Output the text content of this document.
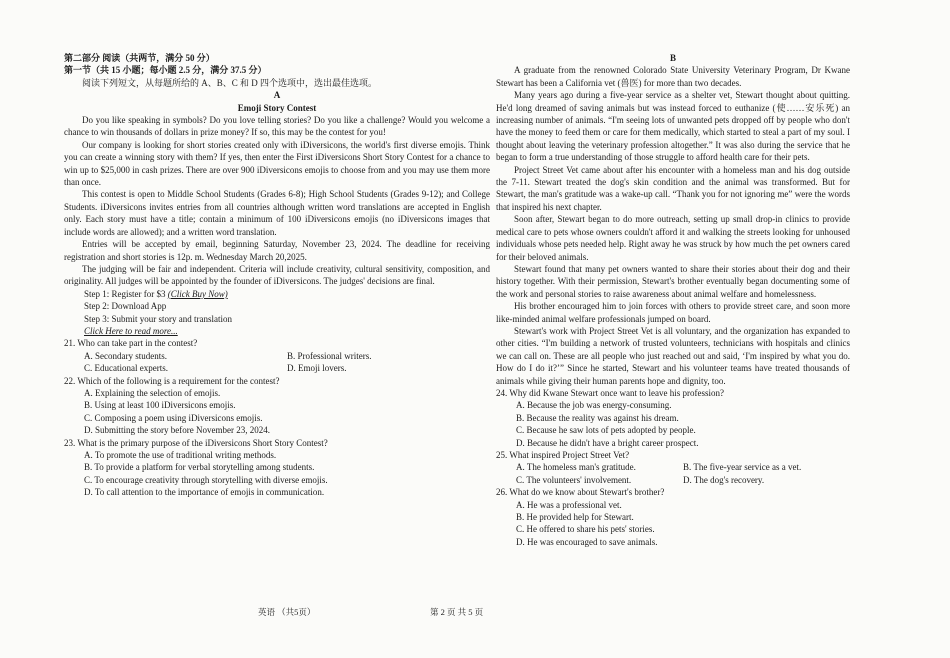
第二部分 阅读（共两节，满分 50 分）

第一节（共 15 小题；每小题 2.5 分，满分 37.5 分）

阅读下列短文，从每题所给的 A、B、C 和 D 四个选项中，选出最佳选项。

A

Emoji Story Contest

Do you like speaking in symbols? Do you love telling stories? Do you like a challenge? Would you welcome a chance to win thousands of dollars in prize money? If so, this may be the contest for you!

Our company is looking for short stories created only with iDiversicons, the world's first diverse emojis. Think you can create a winning story with them? If yes, then enter the First iDiversicons Short Story Contest for a chance to win up to $25,000 in cash prizes. There are over 900 iDiversicons emojis to choose from and you may use them more than once.

This contest is open to Middle School Students (Grades 6-8); High School Students (Grades 9-12); and College Students. iDiversicons invites entries from all countries although written word translations are accepted in English only. Each story must have a title; contain a minimum of 100 iDiversicons emojis (no iDiversicons images that include words are allowed); and a written word translation.

Entries will be accepted by email, beginning Saturday, November 23, 2024. The deadline for receiving registration and short stories is 12p. m. Wednesday March 20,2025.

The judging will be fair and independent. Criteria will include creativity, cultural sensitivity, composition, and originality. All judges will be appointed by the founder of iDiversicons. The judges' decisions are final.

Step 1: Register for $3 (Click Buy Now)

Step 2: Download App

Step 3: Submit your story and translation

Click Here to read more...

21. Who can take part in the contest?

A. Secondary students.	B. Professional writers.
C. Educational experts.	D. Emoji lovers.

22. Which of the following is a requirement for the contest?

A. Explaining the selection of emojis.
B. Using at least 100 iDiversicons emojis.
C. Composing a poem using iDiversicons emojis.
D. Submitting the story before November 23, 2024.

23. What is the primary purpose of the iDiversicons Short Story Contest?

A. To promote the use of traditional writing methods.
B. To provide a platform for verbal storytelling among students.
C. To encourage creativity through storytelling with diverse emojis.
D. To call attention to the importance of emojis in communication.

B

A graduate from the renowned Colorado State University Veterinary Program, Dr Kwane Stewart has been a California vet (兽医) for more than two decades.

Many years ago during a five-year service as a shelter vet, Stewart thought about quitting. He'd long dreamed of saving animals but was instead forced to euthanize (使……安乐死) an increasing number of animals. “I'm seeing lots of unwanted pets dropped off by people who don't have the money to feed them or care for them medically, which started to steal a part of my soul. I thought about leaving the veterinary profession altogether.” It was also during the service that he began to form a true understanding of those struggle to afford health care for their pets.

Project Street Vet came about after his encounter with a homeless man and his dog outside the 7-11. Stewart treated the dog's skin condition and the animal was transformed. But for Stewart, the man's gratitude was a wake-up call. “Thank you for not ignoring me” were the words that inspired his next chapter.

Soon after, Stewart began to do more outreach, setting up small drop-in clinics to provide medical care to pets whose owners couldn't afford it and walking the streets looking for unhoused individuals whose pets needed help. Right away he was struck by how much the pet owners cared for their beloved animals.

Stewart found that many pet owners wanted to share their stories about their dog and their history together. With their permission, Stewart's brother eventually began documenting some of the work and personal stories to raise awareness about animal welfare and homelessness.

His brother encouraged him to join forces with others to provide street care, and soon more like-minded animal welfare professionals jumped on board.

Stewart's work with Project Street Vet is all voluntary, and the organization has expanded to other cities. “I'm building a network of trusted volunteers, technicians with hospitals and clinics we can call on. These are all people who just reached out and said, ‘I'm inspired by what you do. How do I do it?’” Since he started, Stewart and his volunteer teams have treated thousands of animals while giving their human parents hope and dignity, too.

24. Why did Kwane Stewart once want to leave his profession?

A. Because the job was energy-consuming.
B. Because the reality was against his dream.
C. Because he saw lots of pets adopted by people.
D. Because he didn't have a bright career prospect.

25. What inspired Project Street Vet?

A. The homeless man's gratitude.	B. The five-year service as a vet.
C. The volunteers' involvement.	D. The dog's recovery.

26. What do we know about Stewart's brother?

A. He was a professional vet.
B. He provided help for Stewart.
C. He offered to share his pets' stories.
D. He was encouraged to save animals.
英语 （共5页）	第 2 页 共 5 页
